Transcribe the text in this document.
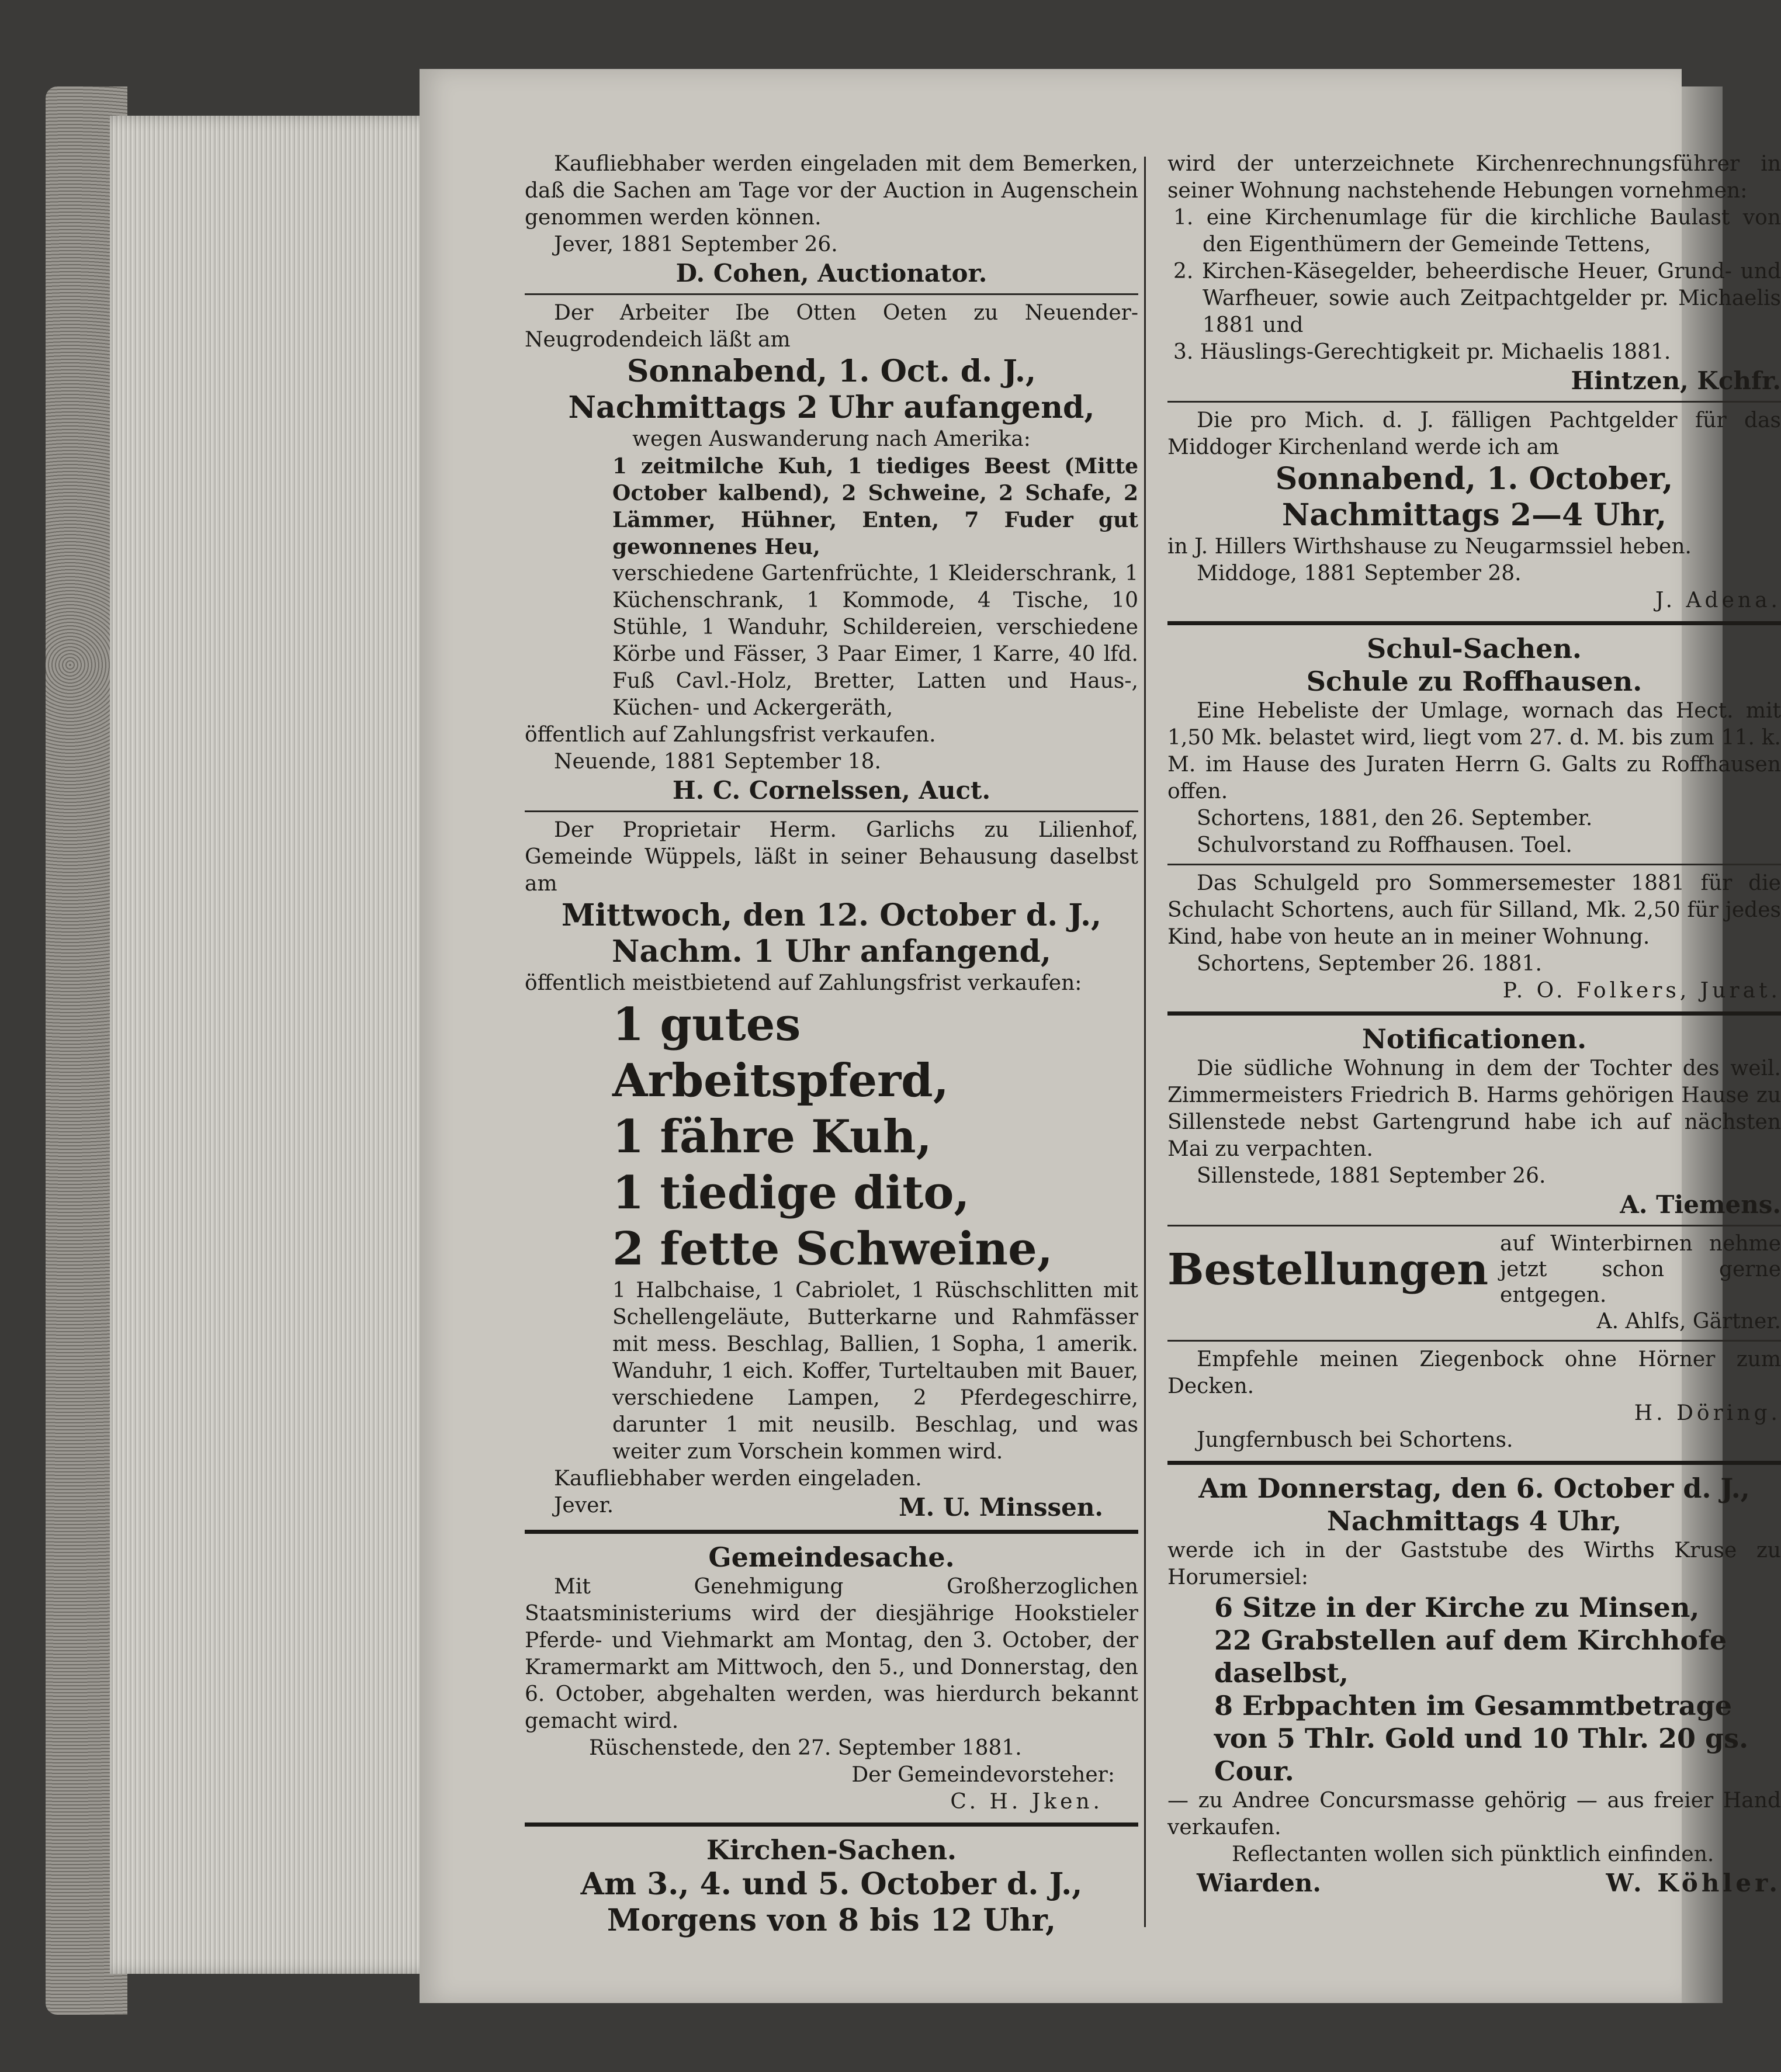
Kaufliebhaber werden eingeladen mit dem Bemerken, daß die Sachen am Tage vor der Auction in Augenschein genommen werden können.
Jever, 1881 September 26.
D. Cohen, Auctionator.
Der Arbeiter Ibe Otten Oeten zu Neuender-Neugrodendeich läßt am
Sonnabend, 1. Oct. d. J.,
Nachmittags 2 Uhr aufangend,
wegen Auswanderung nach Amerika:
1 zeitmilche Kuh, 1 tiediges Beest (Mitte October kalbend), 2 Schweine, 2 Schafe, 2 Lämmer, Hühner, Enten, 7 Fuder gut gewonnenes Heu,
verschiedene Gartenfrüchte, 1 Kleiderschrank, 1 Küchenschrank, 1 Kommode, 4 Tische, 10 Stühle, 1 Wanduhr, Schildereien, verschiedene Körbe und Fässer, 3 Paar Eimer, 1 Karre, 40 lfd. Fuß Cavl.-Holz, Bretter, Latten und Haus-, Küchen- und Ackergeräth,
öffentlich auf Zahlungsfrist verkaufen.
Neuende, 1881 September 18.
H. C. Cornelssen, Auct.
Der Proprietair Herm. Garlichs zu Lilienhof, Gemeinde Wüppels, läßt in seiner Behausung daselbst am
Mittwoch, den 12. October d. J.,
Nachm. 1 Uhr anfangend,
öffentlich meistbietend auf Zahlungsfrist verkaufen:
1 gutes Arbeitspferd,
1 fähre Kuh,
1 tiedige dito,
2 fette Schweine,
1 Halbchaise, 1 Cabriolet, 1 Rüschschlitten mit Schellengeläute, Butterkarne und Rahmfässer mit mess. Beschlag, Ballien, 1 Sopha, 1 amerik. Wanduhr, 1 eich. Koffer, Turteltauben mit Bauer, verschiedene Lampen, 2 Pferdegeschirre, darunter 1 mit neusilb. Beschlag, und was weiter zum Vorschein kommen wird.
Kaufliebhaber werden eingeladen.
Jever.	M. U. Minssen.
Gemeindesache.
Mit Genehmigung Großherzoglichen Staatsministeriums wird der diesjährige Hookstieler Pferde- und Viehmarkt am Montag, den 3. October, der Kramermarkt am Mittwoch, den 5., und Donnerstag, den 6. October, abgehalten werden, was hierdurch bekannt gemacht wird.
Rüschenstede, den 27. September 1881.
Der Gemeindevorsteher:
C. H. Jken.
Kirchen-Sachen.
Am 3., 4. und 5. October d. J.,
Morgens von 8 bis 12 Uhr,
wird der unterzeichnete Kirchenrechnungsführer in seiner Wohnung nachstehende Hebungen vornehmen:
1. eine Kirchenumlage für die kirchliche Baulast von den Eigenthümern der Gemeinde Tettens,
2. Kirchen-Käsegelder, beheerdische Heuer, Grund- und Warfheuer, sowie auch Zeitpachtgelder pr. Michaelis 1881 und
3. Häuslings-Gerechtigkeit pr. Michaelis 1881.
Hintzen, Kchfr.
Die pro Mich. d. J. fälligen Pachtgelder für das Middoger Kirchenland werde ich am
Sonnabend, 1. October,
Nachmittags 2—4 Uhr,
in J. Hillers Wirthshause zu Neugarmssiel heben.
Middoge, 1881 September 28.
J. Adena.
Schul-Sachen.
Schule zu Roffhausen.
Eine Hebeliste der Umlage, wornach das Hect. mit 1,50 Mk. belastet wird, liegt vom 27. d. M. bis zum 11. k. M. im Hause des Juraten Herrn G. Galts zu Roffhausen offen.
Schortens, 1881, den 26. September.
Schulvorstand zu Roffhausen. Toel.
Das Schulgeld pro Sommersemester 1881 für die Schulacht Schortens, auch für Silland, Mk. 2,50 für jedes Kind, habe von heute an in meiner Wohnung.
Schortens, September 26. 1881.
P. O. Folkers, Jurat.
Notificationen.
Die südliche Wohnung in dem der Tochter des weil. Zimmermeisters Friedrich B. Harms gehörigen Hause zu Sillenstede nebst Gartengrund habe ich auf nächsten Mai zu verpachten.
Sillenstede, 1881 September 26.
A. Tiemens.
Bestellungen
auf Winterbirnen nehme jetzt schon gerne entgegen.
A. Ahlfs, Gärtner.
Empfehle meinen Ziegenbock ohne Hörner zum Decken.
H. Döring.
Jungfernbusch bei Schortens.
Am Donnerstag, den 6. October d. J.,
Nachmittags 4 Uhr,
werde ich in der Gaststube des Wirths Kruse zu Horumersiel:
6 Sitze in der Kirche zu Minsen,
22 Grabstellen auf dem Kirchhofe daselbst,
8 Erbpachten im Gesammtbetrage von 5 Thlr. Gold und 10 Thlr. 20 gs. Cour.
— zu Andree Concursmasse gehörig — aus freier Hand verkaufen.
Reflectanten wollen sich pünktlich einfinden.
Wiarden.	W. Köhler.
